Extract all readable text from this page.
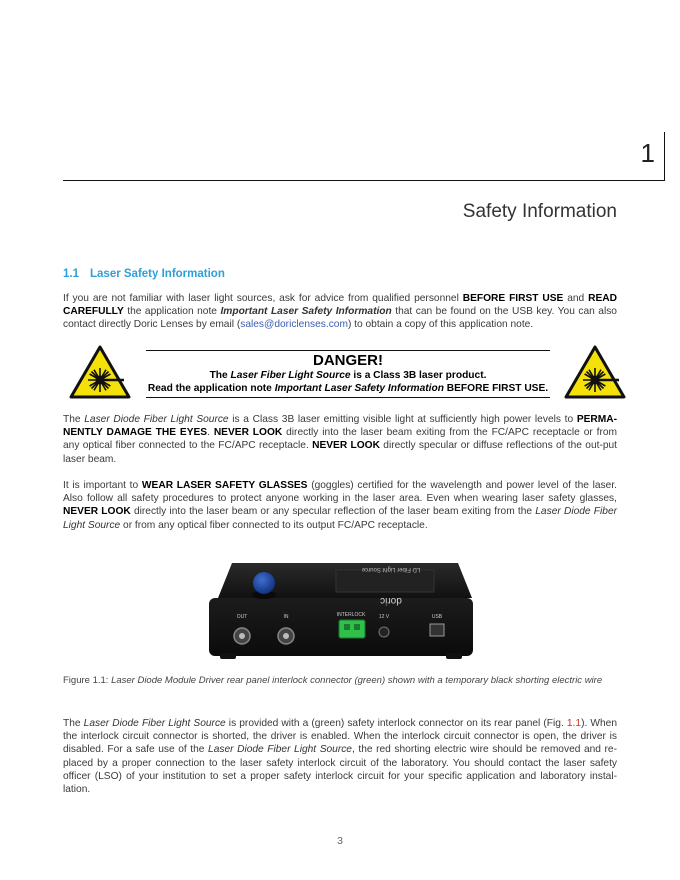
1
Safety Information
1.1 Laser Safety Information
If you are not familiar with laser light sources, ask for advice from qualified personnel BEFORE FIRST USE and READ CAREFULLY the application note Important Laser Safety Information that can be found on the USB key. You can also contact directly Doric Lenses by email (sales@doriclenses.com) to obtain a copy of this application note.
DANGER!
The Laser Fiber Light Source is a Class 3B laser product.
Read the application note Important Laser Safety Information BEFORE FIRST USE.
The Laser Diode Fiber Light Source is a Class 3B laser emitting visible light at sufficiently high power levels to PERMA-NENTLY DAMAGE THE EYES. NEVER LOOK directly into the laser beam exiting from the FC/APC receptacle or from any optical fiber connected to the FC/APC receptacle. NEVER LOOK directly specular or diffuse reflections of the out-put laser beam.
It is important to WEAR LASER SAFETY GLASSES (goggles) certified for the wavelength and power level of the laser. Also follow all safety procedures to protect anyone working in the laser area. Even when wearing laser safety glasses, NEVER LOOK directly into the laser beam or any specular reflection of the laser beam exiting from the Laser Diode Fiber Light Source or from any optical fiber connected to its output FC/APC receptacle.
doric
LD Fiber Light Source
OUT	IN	INTERLOCK	12 V	USB
Figure 1.1: Laser Diode Module Driver rear panel interlock connector (green) shown with a temporary black shorting electric wire
The Laser Diode Fiber Light Source is provided with a (green) safety interlock connector on its rear panel (Fig. 1.1). When the interlock circuit connector is shorted, the driver is enabled. When the interlock circuit connector is open, the driver is disabled. For a safe use of the Laser Diode Fiber Light Source, the red shorting electric wire should be removed and re-placed by a proper connection to the laser safety interlock circuit of the laboratory. You should contact the laser safety officer (LSO) of your institution to set a proper safety interlock circuit for your specific application and laboratory instal-lation.
3
